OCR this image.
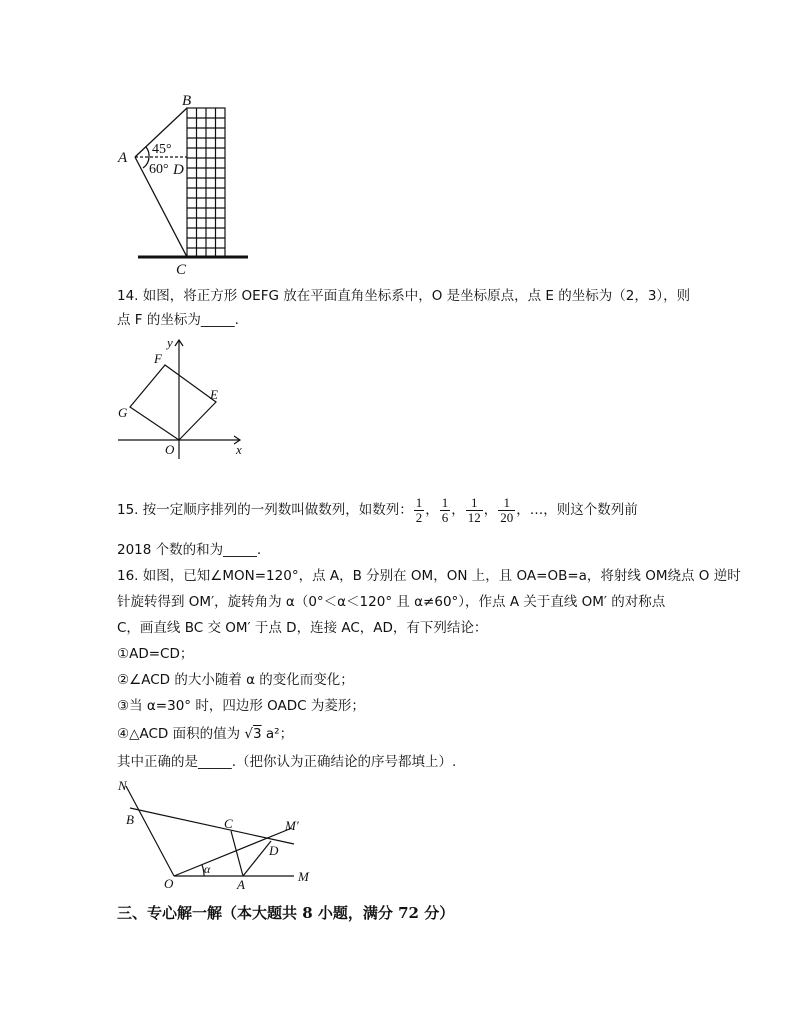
B
A
D
C
45°
60°
14. 如图，将正方形 OEFG 放在平面直角坐标系中，O 是坐标原点，点 E 的坐标为（2，3），则
点 F 的坐标为_____.
y
x
O
F
E
G
15. 按一定顺序排列的一列数叫做数列，如数列： $\frac{1}{2}$ ， $\frac{1}{6}$ ， $\frac{1}{12}$ ， $\frac{1}{20}$ ，…，则这个数列前
2018 个数的和为_____.
16. 如图，已知∠MON=120°，点 A，B 分别在 OM，ON 上，且 OA=OB=a，将射线 OM绕点 O 逆时
针旋转得到 OM′，旋转角为 α（0°＜α＜120° 且 α≠60°），作点 A 关于直线 OM′ 的对称点
C，画直线 BC 交 OM′ 于点 D，连接 AC，AD，有下列结论：
①AD=CD；
②∠ACD 的大小随着 α 的变化而变化；
③当 α=30° 时，四边形 OADC 为菱形；
④△ACD 面积的值为 √3 a²；
其中正确的是_____.（把你认为正确结论的序号都填上）.
N
B	C	M′
D
O
α
A
M
三、专心解一解（本大题共 8 小题，满分 72 分）
